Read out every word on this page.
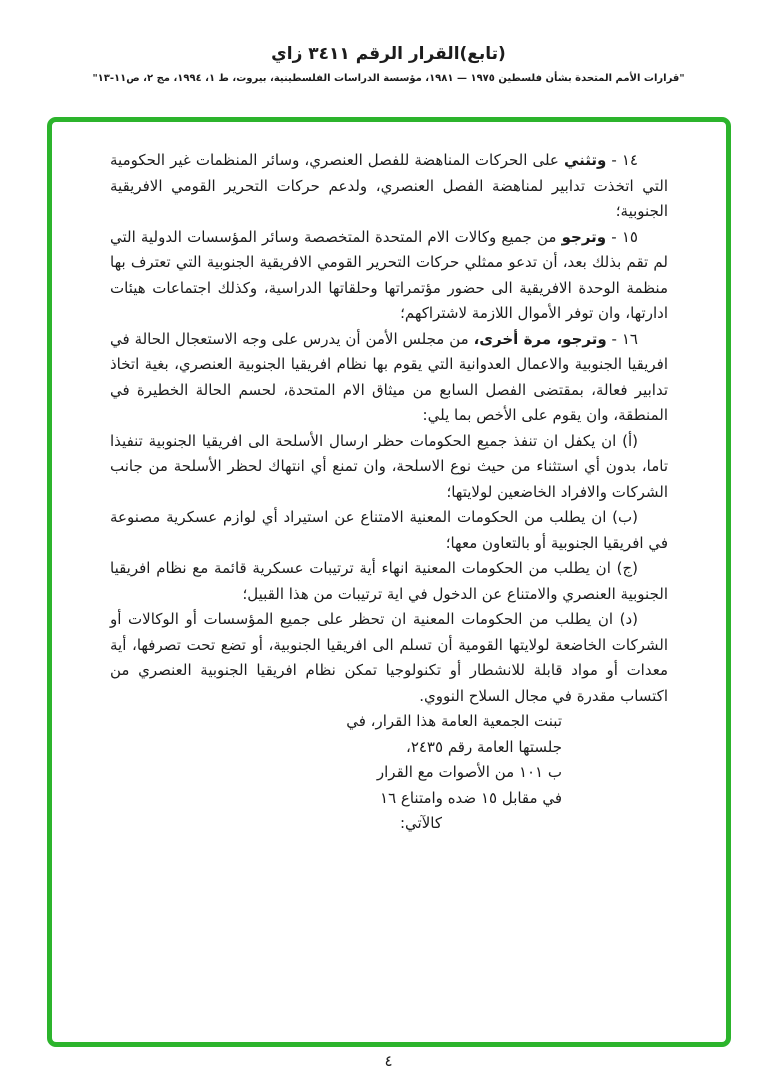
(تابع)القرار الرقم ٣٤١١ زاي
"قرارات الأمم المتحدة بشأن فلسطين ١٩٧٥ — ١٩٨١، مؤسسة الدراسات الفلسطينية، بيروت، ط ١، ١٩٩٤، مج ٢، ص١١-١٣"

١٤ - وتثني على الحركات المناهضة للفصل العنصري، وسائر المنظمات غير الحكومية التي اتخذت تدابير لمناهضة الفصل العنصري، ولدعم حركات التحرير القومي الافريقية الجنوبية؛

١٥ - وترجو من جميع وكالات الام المتحدة المتخصصة وسائر المؤسسات الدولية التي لم تقم بذلك بعد، أن تدعو ممثلي حركات التحرير القومي الافريقية الجنوبية التي تعترف بها منظمة الوحدة الافريقية الى حضور مؤتمراتها وحلقاتها الدراسية، وكذلك اجتماعات هيئات ادارتها، وان توفر الأموال اللازمة لاشتراكهم؛

١٦ - وترجو، مرة أخرى، من مجلس الأمن أن يدرس على وجه الاستعجال الحالة في افريقيا الجنوبية والاعمال العدوانية التي يقوم بها نظام افريقيا الجنوبية العنصري، بغية اتخاذ تدابير فعالة، بمقتضى الفصل السابع من ميثاق الام المتحدة، لحسم الحالة الخطيرة في المنطقة، وان يقوم على الأخص بما يلي:

(أ) ان يكفل ان تنفذ جميع الحكومات حظر ارسال الأسلحة الى افريقيا الجنوبية تنفيذا تاما، بدون أي استثناء من حيث نوع الاسلحة، وان تمنع أي انتهاك لحظر الأسلحة من جانب الشركات والافراد الخاضعين لولايتها؛

(ب) ان يطلب من الحكومات المعنية الامتناع عن استيراد أي لوازم عسكرية مصنوعة في افريقيا الجنوبية أو بالتعاون معها؛

(ج) ان يطلب من الحكومات المعنية انهاء أية ترتيبات عسكرية قائمة مع نظام افريقيا الجنوبية العنصري والامتناع عن الدخول في اية ترتيبات من هذا القبيل؛

(د) ان يطلب من الحكومات المعنية ان تحظر على جميع المؤسسات أو الوكالات أو الشركات الخاضعة لولايتها القومية أن تسلم الى افريقيا الجنوبية، أو تضع تحت تصرفها، أية معدات أو مواد قابلة للانشطار أو تكنولوجيا تمكن نظام افريقيا الجنوبية العنصري من اكتساب مقدرة في مجال السلاح النووي.

تبنت الجمعية العامة هذا القرار، في
جلستها العامة رقم ٢٤٣٥،
ب ١٠١ من الأصوات مع القرار
في مقابل ١٥ ضده وامتناع ١٦
كالآتي:
٤
